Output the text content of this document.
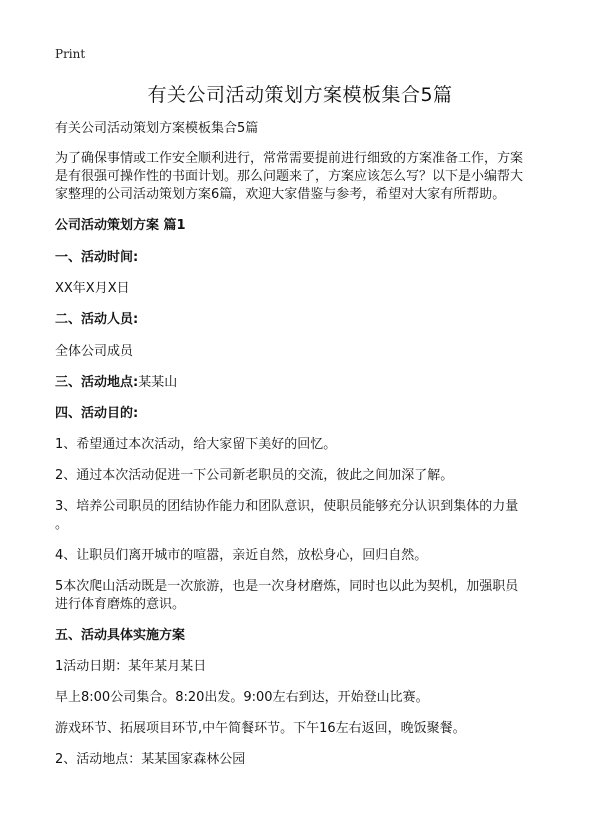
Print
有关公司活动策划方案模板集合5篇
有关公司活动策划方案模板集合5篇
为了确保事情或工作安全顺利进行，常常需要提前进行细致的方案准备工作，方案
是有很强可操作性的书面计划。那么问题来了，方案应该怎么写？以下是小编帮大
家整理的公司活动策划方案6篇，欢迎大家借鉴与参考，希望对大家有所帮助。
公司活动策划方案 篇1
一、活动时间:
XX年X月X日
二、活动人员:
全体公司成员
三、活动地点:某某山
四、活动目的:
1、希望通过本次活动，给大家留下美好的回忆。
2、通过本次活动促进一下公司新老职员的交流，彼此之间加深了解。
3、培养公司职员的团结协作能力和团队意识，使职员能够充分认识到集体的力量
。
4、让职员们离开城市的喧嚣，亲近自然，放松身心，回归自然。
5本次爬山活动既是一次旅游，也是一次身材磨炼，同时也以此为契机，加强职员
进行体育磨炼的意识。
五、活动具体实施方案
1活动日期：某年某月某日
早上8:00公司集合。8:20出发。9:00左右到达，开始登山比赛。
游戏环节、拓展项目环节,中午简餐环节。下午16左右返回，晚饭聚餐。
2、活动地点：某某国家森林公园
